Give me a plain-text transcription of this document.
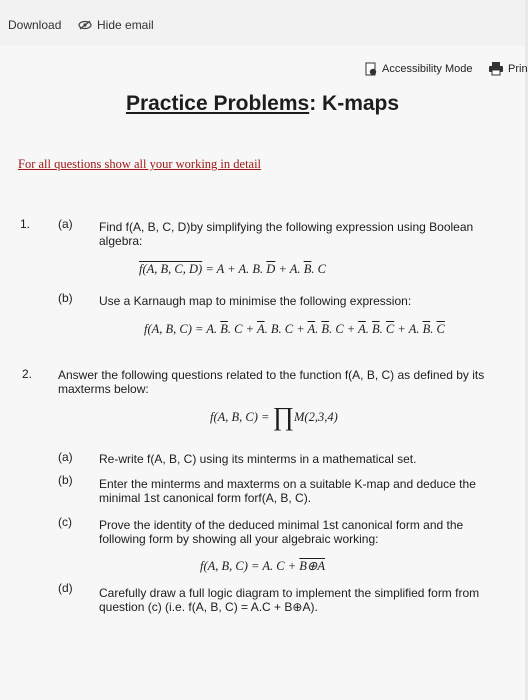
Download	Hide email
Accessibility Mode	Prin
Practice Problems: K-maps
For all questions show all your working in detail
1. (a) Find f(A, B, C, D)by simplifying the following expression using Boolean
algebra:
f(A, B, C, D) = A + A. B. $\overline{D} + A$. $\overline{B}$. C
(b) Use a Karnaugh map to minimise the following expression:
f(A, B, C) = A. $\overline{B}$. $C + \overline{A}$. B. $C + \overline{A}$. $\overline{B}$. $C + \overline{A}$. $\overline{B}$. $\overline{C} + A$. $\overline{B}$. $\overline{C}$
2. Answer the following questions related to the function f(A, B, C) as defined by its
maxterms below:
f(A, B, C) = ∏M(2,3,4)
(a) Re-write f(A, B, C) using its minterms in a mathematical set.
(b) Enter the minterms and maxterms on a suitable K-map and deduce the
minimal 1st canonical form forf(A, B, C).
(c) Prove the identity of the deduced minimal 1st canonical form and the
following form by showing all your algebraic working:
f(A, B, C) = A. C + B⊕A
(d) Carefully draw a full logic diagram to implement the simplified form from
question (c) (i.e. f(A, B, C) = A.C + B⊕A).
